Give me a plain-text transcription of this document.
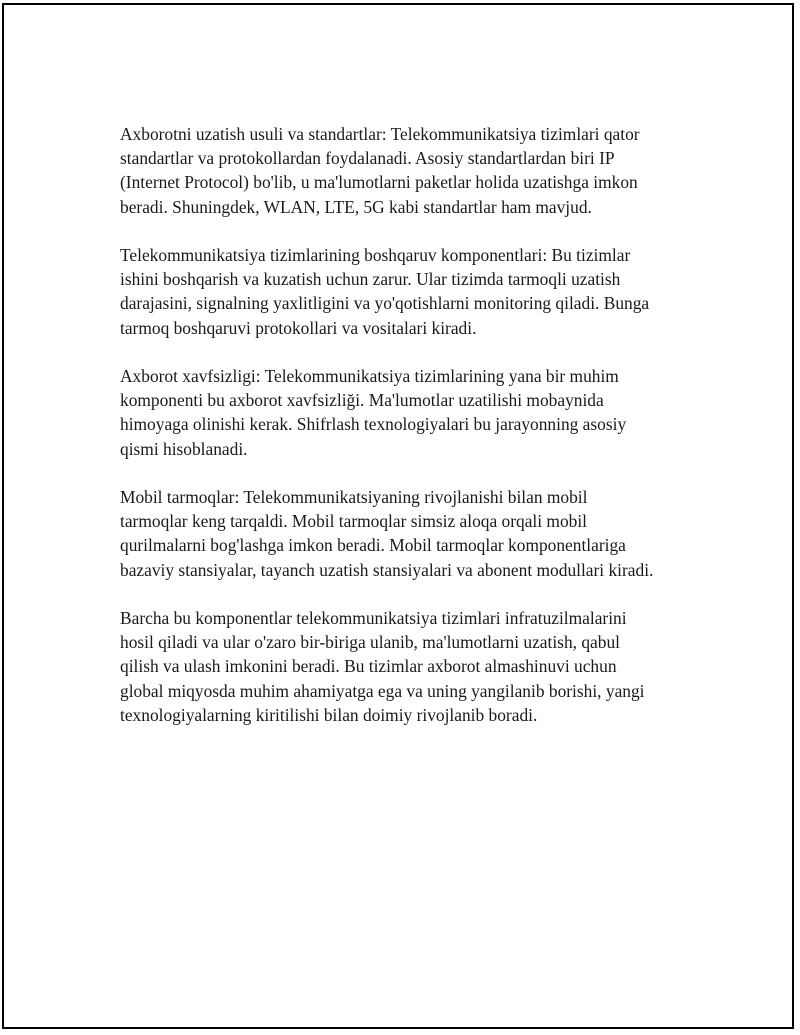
Axborotni uzatish usuli va standartlar: Telekommunikatsiya tizimlari qator
standartlar va protokollardan foydalanadi. Asosiy standartlardan biri IP
(Internet Protocol) bo'lib, u ma'lumotlarni paketlar holida uzatishga imkon
beradi. Shuningdek, WLAN, LTE, 5G kabi standartlar ham mavjud.

Telekommunikatsiya tizimlarining boshqaruv komponentlari: Bu tizimlar
ishini boshqarish va kuzatish uchun zarur. Ular tizimda tarmoqli uzatish
darajasini, signalning yaxlitligini va yo'qotishlarni monitoring qiladi. Bunga
tarmoq boshqaruvi protokollari va vositalari kiradi.

Axborot xavfsizligi: Telekommunikatsiya tizimlarining yana bir muhim
komponenti bu axborot xavfsizliği. Ma'lumotlar uzatilishi mobaynida
himoyaga olinishi kerak. Shifrlash texnologiyalari bu jarayonning asosiy
qismi hisoblanadi.

Mobil tarmoqlar: Telekommunikatsiyaning rivojlanishi bilan mobil
tarmoqlar keng tarqaldi. Mobil tarmoqlar simsiz aloqa orqali mobil
qurilmalarni bog'lashga imkon beradi. Mobil tarmoqlar komponentlariga
bazaviy stansiyalar, tayanch uzatish stansiyalari va abonent modullari kiradi.

Barcha bu komponentlar telekommunikatsiya tizimlari infratuzilmalarini
hosil qiladi va ular o'zaro bir-biriga ulanib, ma'lumotlarni uzatish, qabul
qilish va ulash imkonini beradi. Bu tizimlar axborot almashinuvi uchun
global miqyosda muhim ahamiyatga ega va uning yangilanib borishi, yangi
texnologiyalarning kiritilishi bilan doimiy rivojlanib boradi.
